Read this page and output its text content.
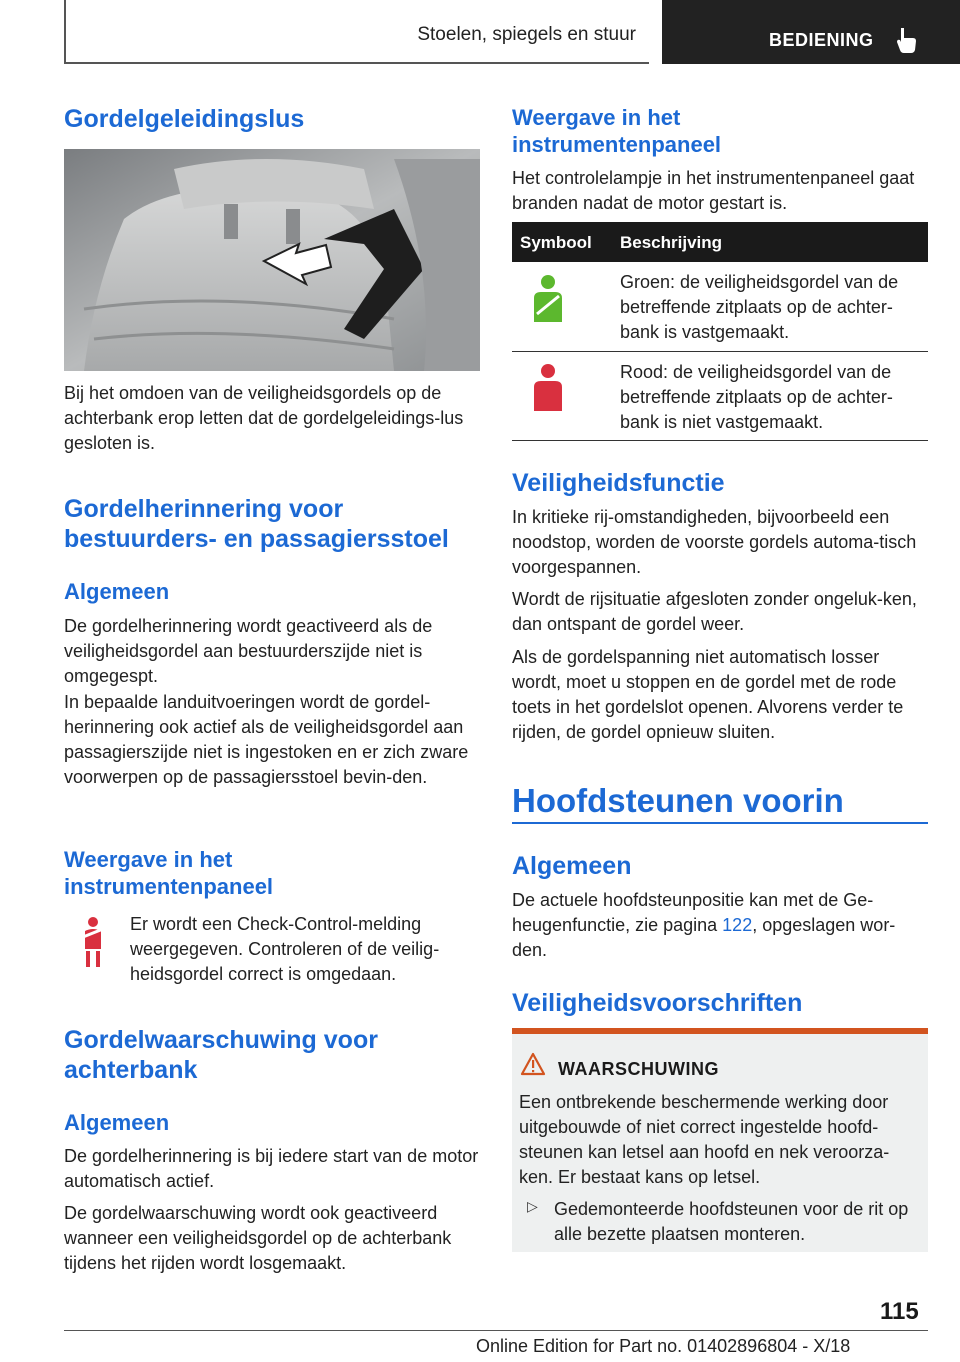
Stoelen, spiegels en stuur	BEDIENING
Gordelgeleidingslus

Bij het omdoen van de veiligheidsgordels op de achterbank erop letten dat de gordelgeleidings-lus gesloten is.

Gordelherinnering voor
bestuurders- en passagiersstoel
Algemeen

De gordelherinnering wordt geactiveerd als de veiligheidsgordel aan bestuurderszijde niet is omgegespt.

In bepaalde landuitvoeringen wordt de gordel-herinnering ook actief als de veiligheidsgordel aan passagierszijde niet is ingestoken en er zich zware voorwerpen op de passagiersstoel bevin-den.

Weergave in het
instrumentenpaneel

Er wordt een Check-Control-melding weergegeven. Controleren of de veilig-heidsgordel correct is omgedaan.

Gordelwaarschuwing voor
achterbank
Algemeen

De gordelherinnering is bij iedere start van de motor automatisch actief.

De gordelwaarschuwing wordt ook geactiveerd wanneer een veiligheidsgordel op de achterbank tijdens het rijden wordt losgemaakt.

Weergave in het
instrumentenpaneel

Het controlelampje in het instrumentenpaneel gaat branden nadat de motor gestart is.

Symbool Beschrijving
Groen: de veiligheidsgordel van de betreffende zitplaats op de achter-bank is vastgemaakt.
Rood: de veiligheidsgordel van de betreffende zitplaats op de achter-bank is niet vastgemaakt.
Veiligheidsfunctie

In kritieke rij-omstandigheden, bijvoorbeeld een noodstop, worden de voorste gordels automa-tisch voorgespannen.

Wordt de rijsituatie afgesloten zonder ongeluk-ken, dan ontspant de gordel weer.

Als de gordelspanning niet automatisch losser wordt, moet u stoppen en de gordel met de rode toets in het gordelslot openen. Alvorens verder te rijden, de gordel opnieuw sluiten.

Hoofdsteunen voorin
Algemeen

De actuele hoofdsteunpositie kan met de Ge-heugenfunctie, zie pagina 122, opgeslagen wor-den.

Veiligheidsvoorschriften
WAARSCHUWING
Een ontbrekende beschermende werking door uitgebouwde of niet correct ingestelde hoofd-steunen kan letsel aan hoofd en nek veroorza-ken. Er bestaat kans op letsel.
▷ Gedemonteerde hoofdsteunen voor de rit op alle bezette plaatsen monteren.
115
Online Edition for Part no. 01402896804 - X/18
